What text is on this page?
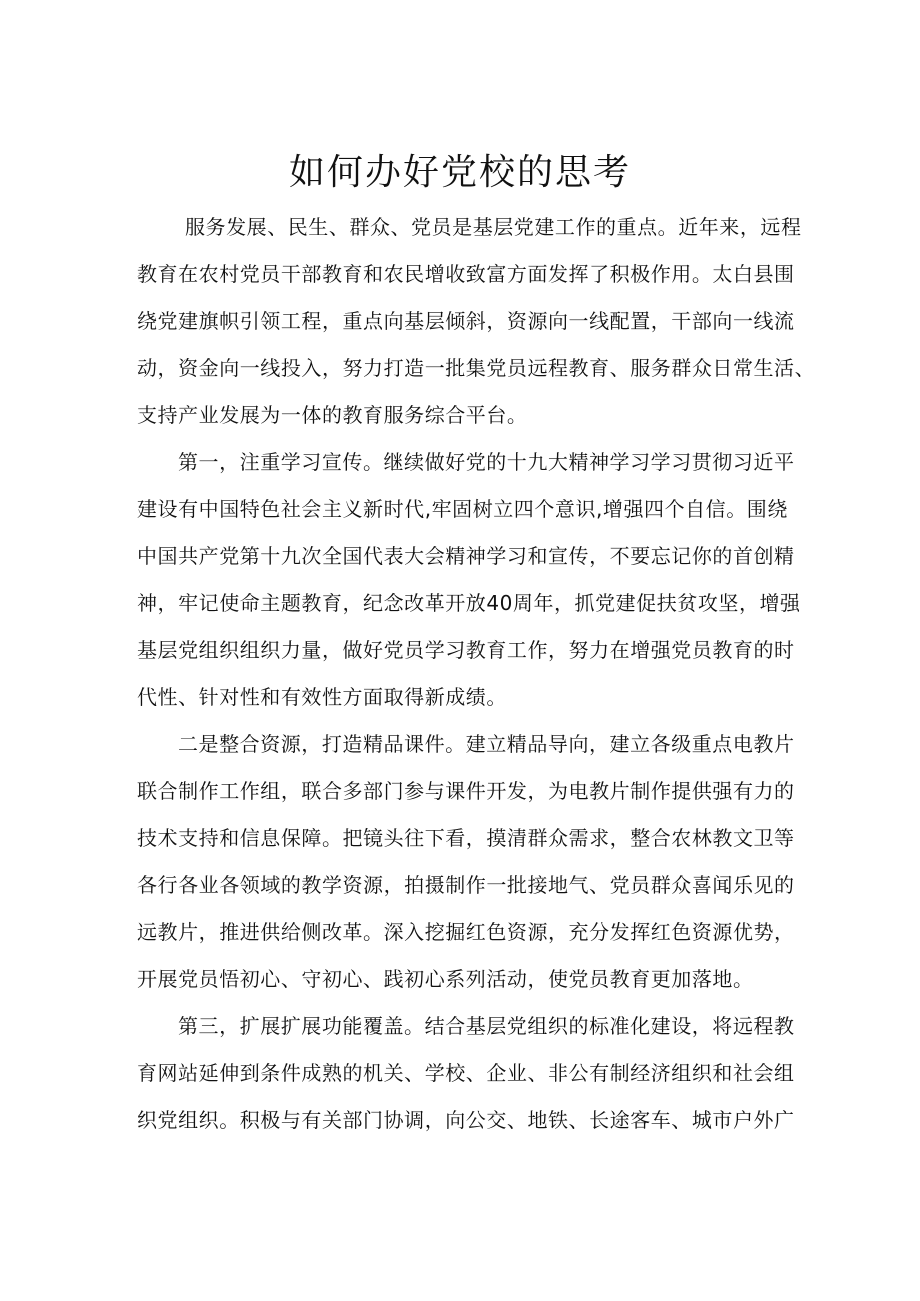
如何办好党校的思考
服务发展、民生、群众、党员是基层党建工作的重点。近年来，远程
教育在农村党员干部教育和农民增收致富方面发挥了积极作用。太白县围
绕党建旗帜引领工程，重点向基层倾斜，资源向一线配置，干部向一线流
动，资金向一线投入，努力打造一批集党员远程教育、服务群众日常生活、
支持产业发展为一体的教育服务综合平台。
第一，注重学习宣传。继续做好党的十九大精神学习学习贯彻习近平
建设有中国特色社会主义新时代,牢固树立四个意识,增强四个自信。围绕
中国共产党第十九次全国代表大会精神学习和宣传，不要忘记你的首创精
神，牢记使命主题教育，纪念改革开放40周年，抓党建促扶贫攻坚，增强
基层党组织组织力量，做好党员学习教育工作，努力在增强党员教育的时
代性、针对性和有效性方面取得新成绩。
二是整合资源，打造精品课件。建立精品导向，建立各级重点电教片
联合制作工作组，联合多部门参与课件开发，为电教片制作提供强有力的
技术支持和信息保障。把镜头往下看，摸清群众需求，整合农林教文卫等
各行各业各领域的教学资源，拍摄制作一批接地气、党员群众喜闻乐见的
远教片，推进供给侧改革。深入挖掘红色资源，充分发挥红色资源优势，
开展党员悟初心、守初心、践初心系列活动，使党员教育更加落地。
第三，扩展扩展功能覆盖。结合基层党组织的标准化建设，将远程教
育网站延伸到条件成熟的机关、学校、企业、非公有制经济组织和社会组
织党组织。积极与有关部门协调，向公交、地铁、长途客车、城市户外广
